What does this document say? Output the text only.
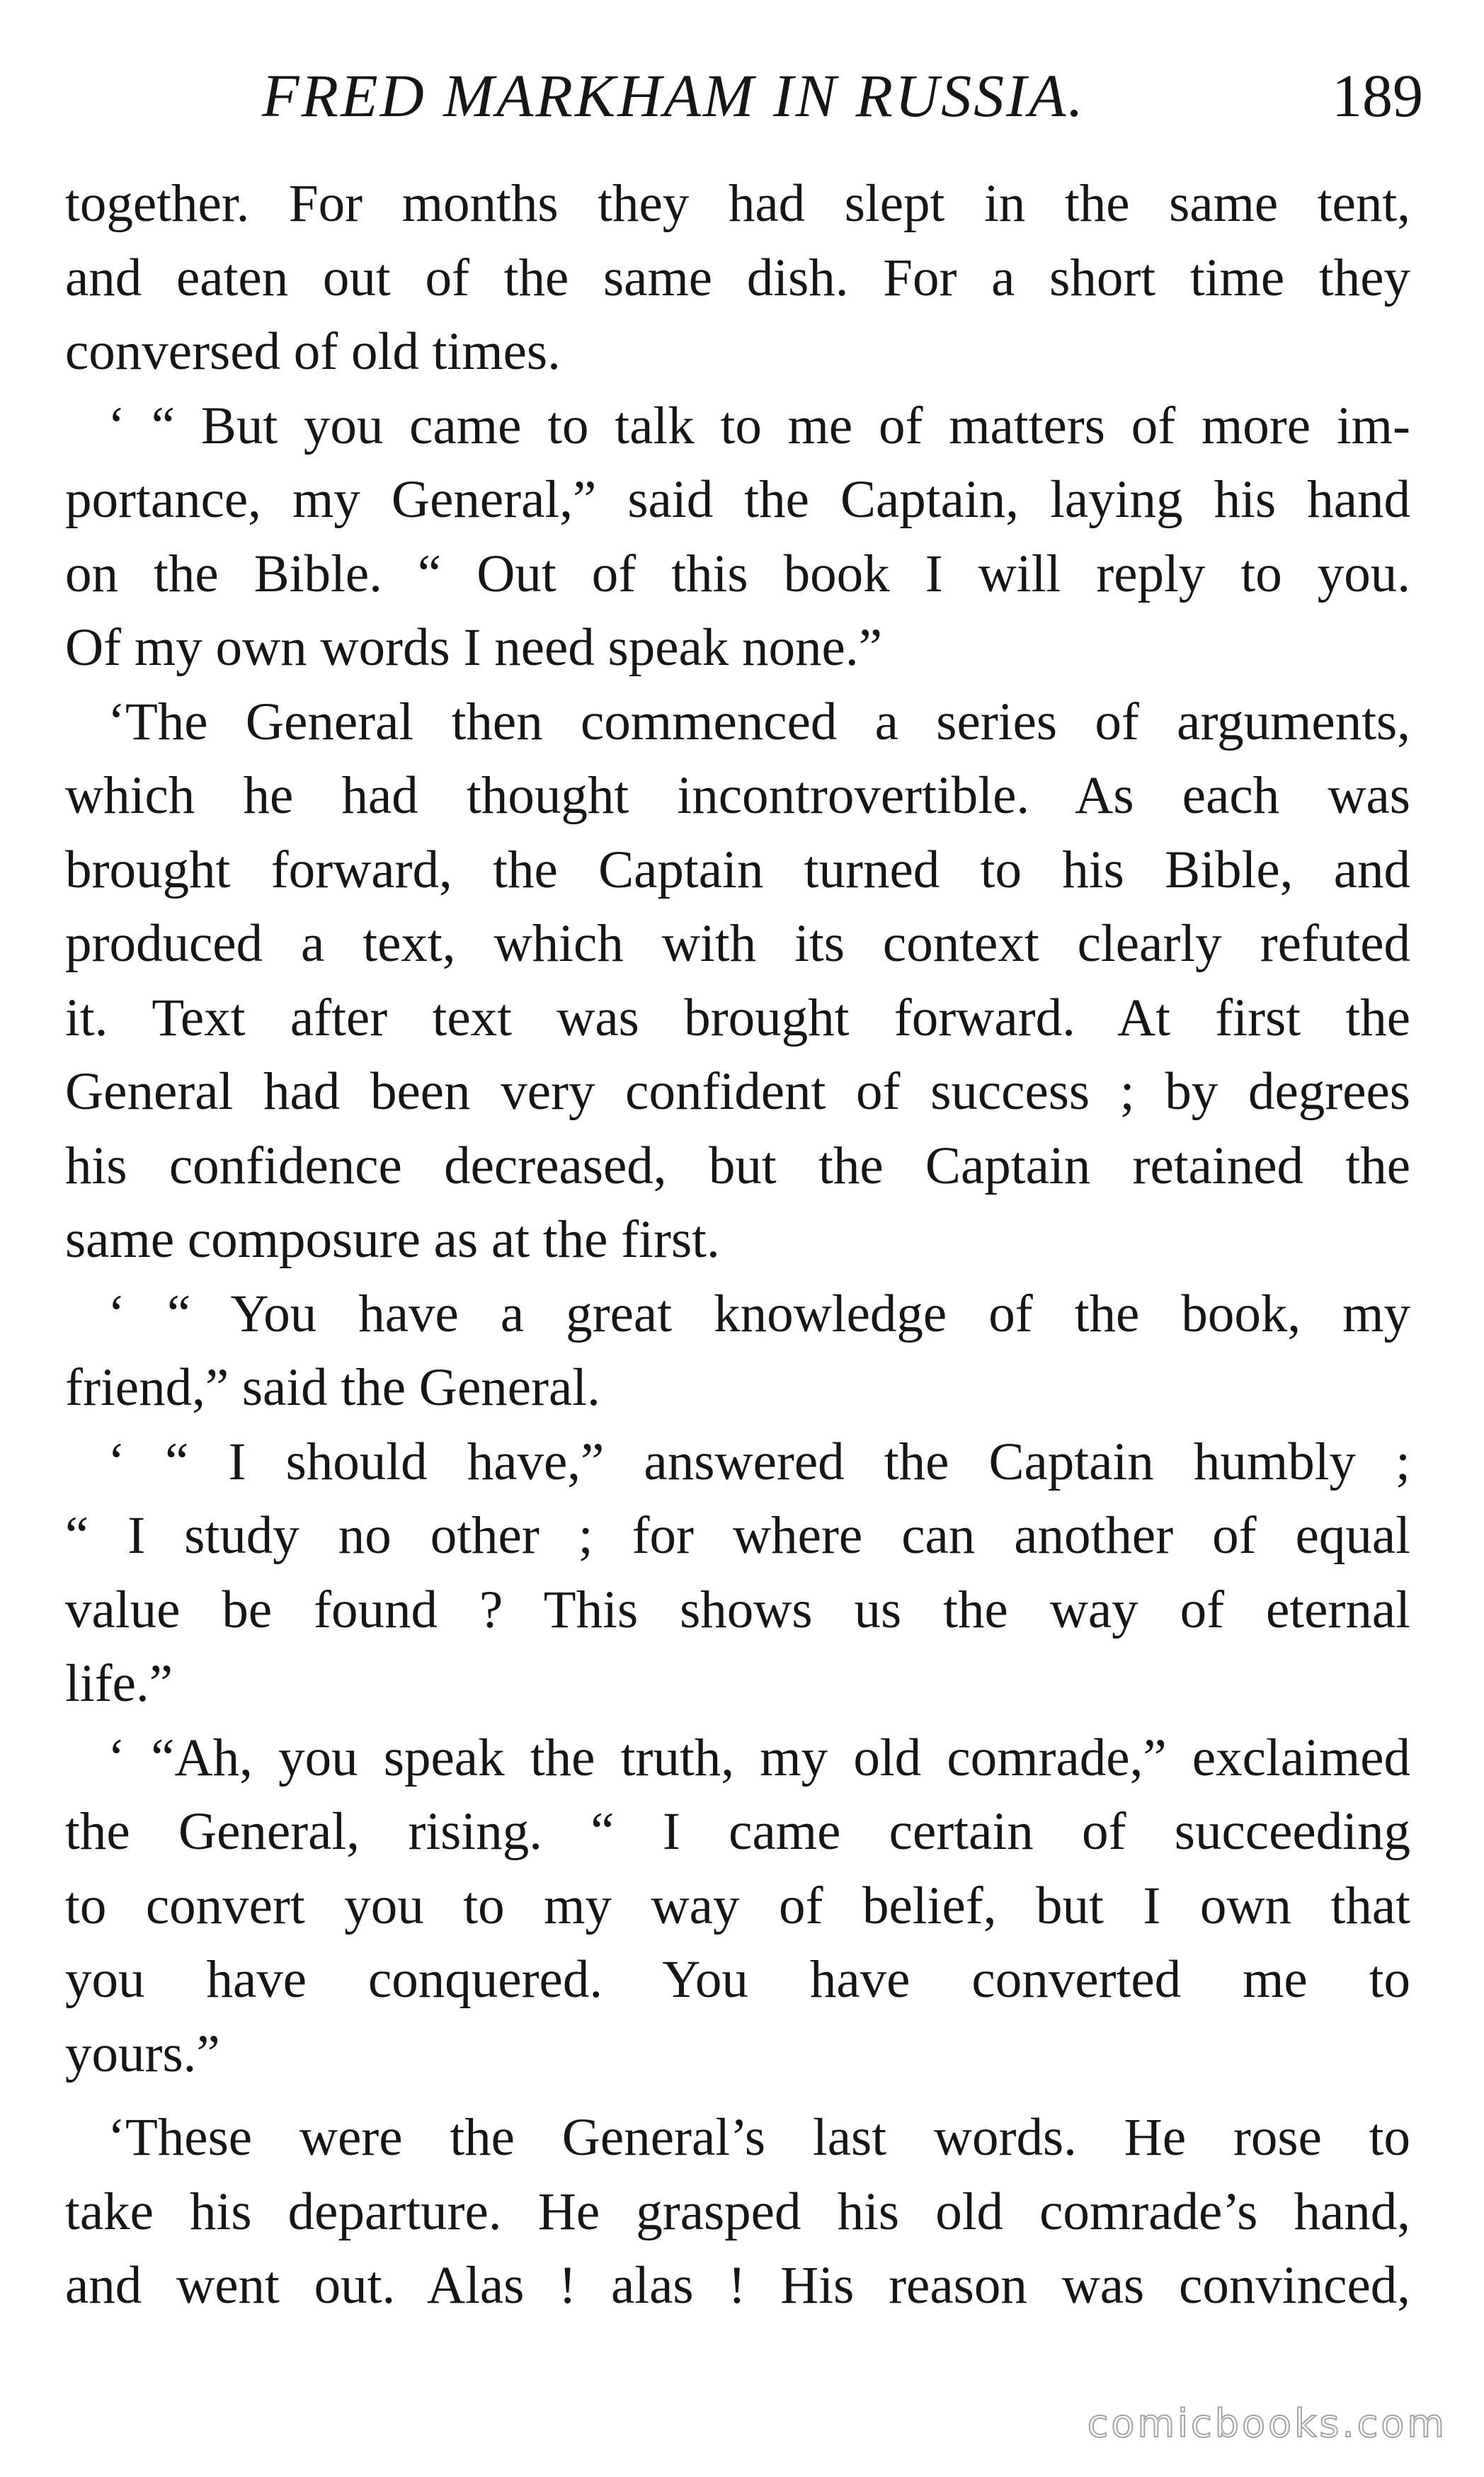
FRED MARKHAM IN RUSSIA.	189
together. For months they had slept in the same tent,
and eaten out of the same dish. For a short time they
conversed of old times.
‘ “ But you came to talk to me of matters of more im-
portance, my General,” said the Captain, laying his hand
on the Bible. “ Out of this book I will reply to you.
Of my own words I need speak none.”
‘The General then commenced a series of arguments,
which he had thought incontrovertible. As each was
brought forward, the Captain turned to his Bible, and
produced a text, which with its context clearly refuted
it. Text after text was brought forward. At first the
General had been very confident of success ; by degrees
his confidence decreased, but the Captain retained the
same composure as at the first.
‘ “ You have a great knowledge of the book, my
friend,” said the General.
‘ “ I should have,” answered the Captain humbly ;
“ I study no other ; for where can another of equal
value be found ? This shows us the way of eternal
life.”
‘ “Ah, you speak the truth, my old comrade,” exclaimed
the General, rising. “ I came certain of succeeding
to convert you to my way of belief, but I own that
you have conquered. You have converted me to
yours.”
‘These were the General’s last words. He rose to
take his departure. He grasped his old comrade’s hand,
and went out. Alas ! alas ! His reason was convinced,
comicbooks.com
